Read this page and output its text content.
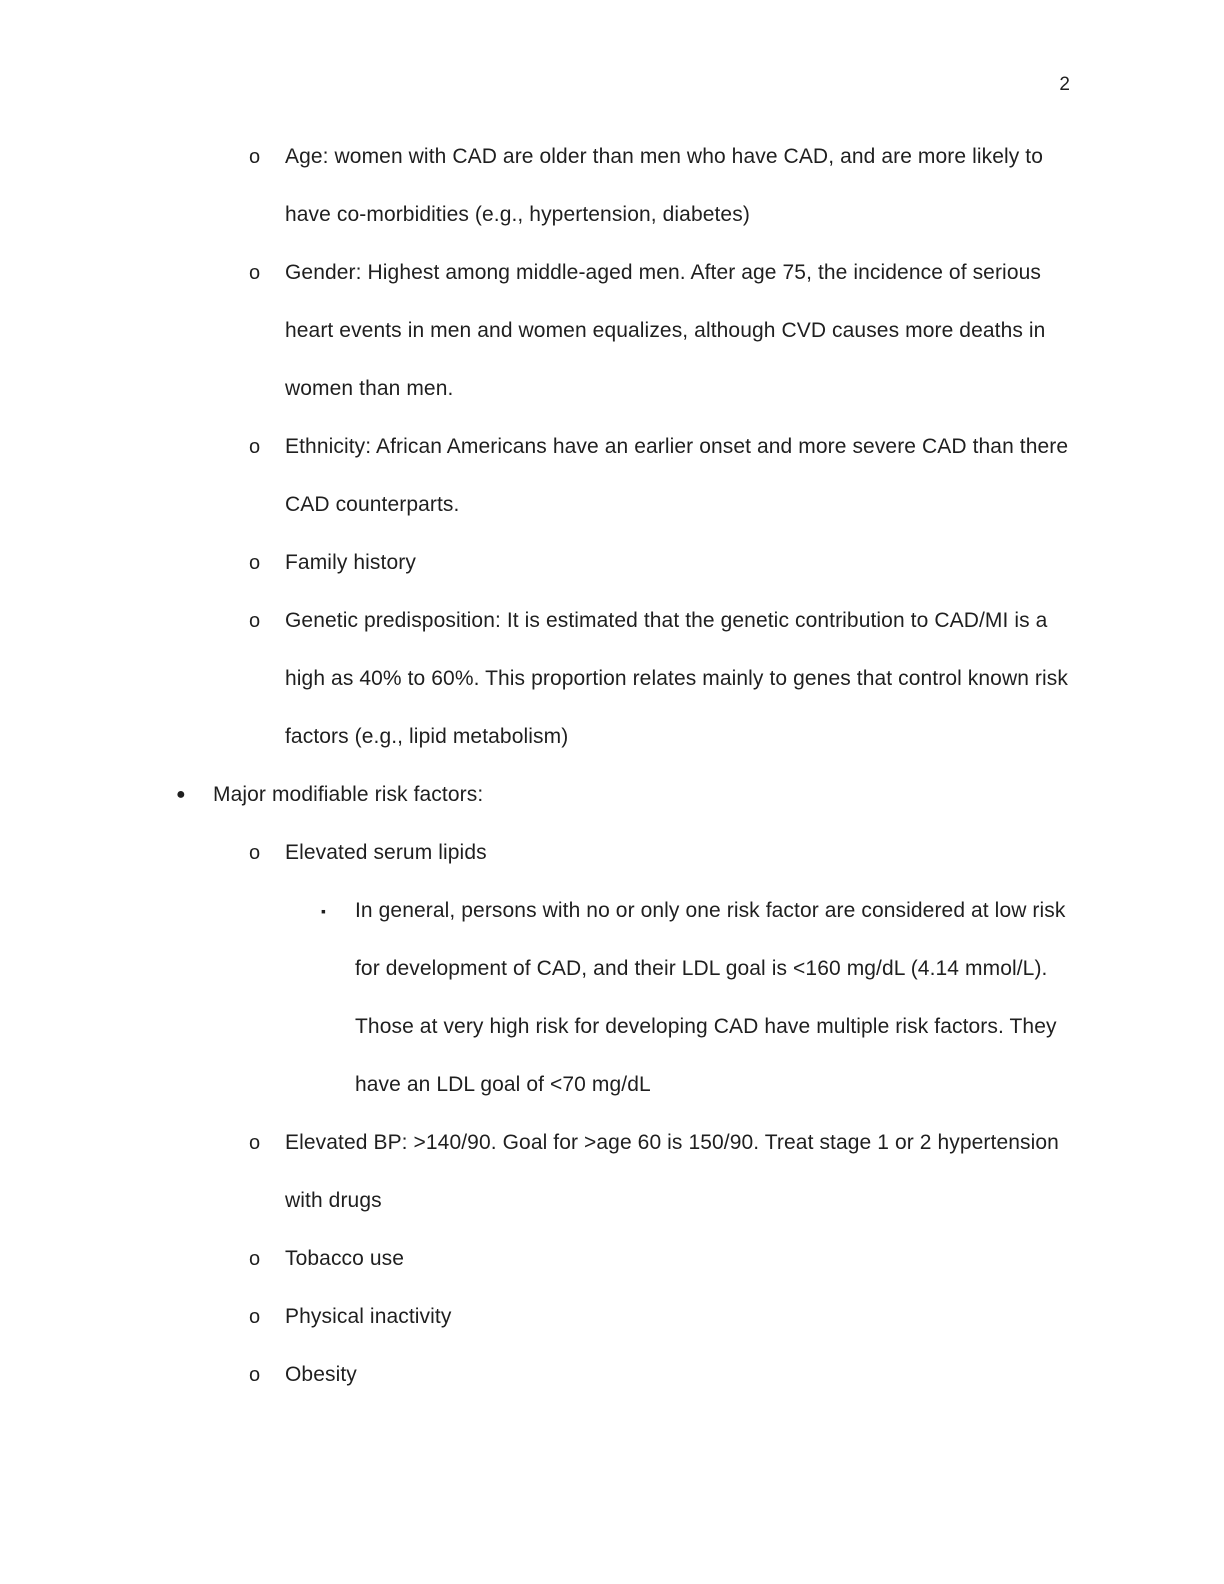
2
o Age: women with CAD are older than men who have CAD, and are more likely to have co-morbidities (e.g., hypertension, diabetes)
o Gender: Highest among middle-aged men. After age 75, the incidence of serious heart events in men and women equalizes, although CVD causes more deaths in women than men.
o Ethnicity: African Americans have an earlier onset and more severe CAD than there CAD counterparts.
o Family history
o Genetic predisposition: It is estimated that the genetic contribution to CAD/MI is a high as 40% to 60%. This proportion relates mainly to genes that control known risk factors (e.g., lipid metabolism)
● Major modifiable risk factors:
o Elevated serum lipids
▪ In general, persons with no or only one risk factor are considered at low risk for development of CAD, and their LDL goal is <160 mg/dL (4.14 mmol/L). Those at very high risk for developing CAD have multiple risk factors. They have an LDL goal of <70 mg/dL
o Elevated BP: >140/90. Goal for >age 60 is 150/90. Treat stage 1 or 2 hypertension with drugs
o Tobacco use
o Physical inactivity
o Obesity
